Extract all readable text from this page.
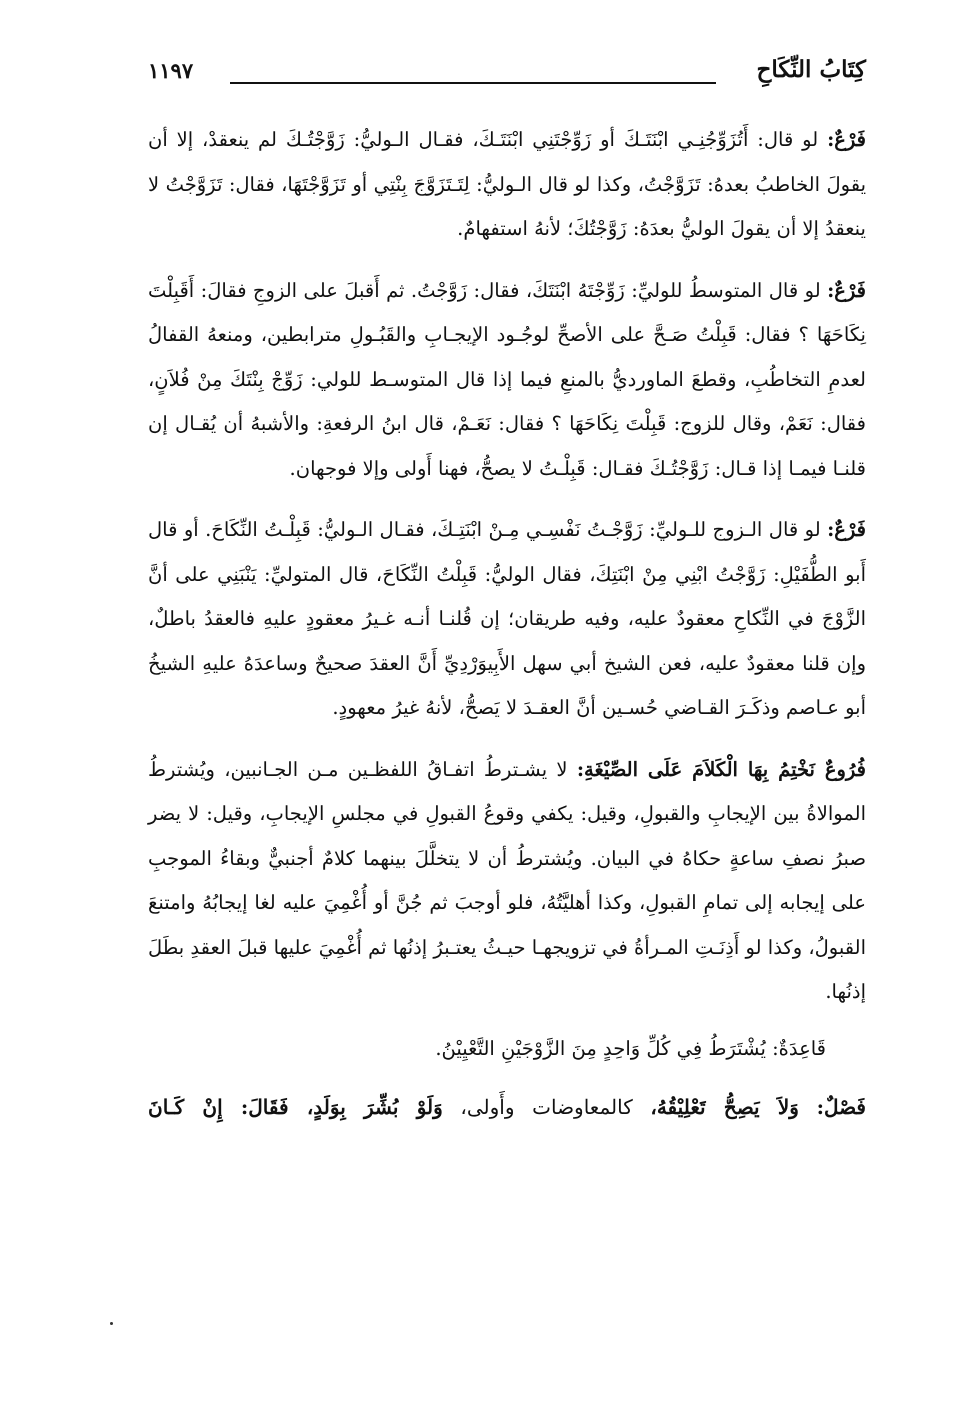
كِتَابُ النِّكَاحِ
١١٩٧

فَرْعٌ: لو قال: أَتُزَوِّجُنِـي ابْنَتَـكَ أو زَوِّجْتَنِي ابْنَتَـكَ، فقـال الـوليُّ: زَوَّجْتُـكَ لم ينعقدْ، إلا أن يقولَ الخاطبُ بعدهُ: تَزَوَّجْتُ، وكذا لو قال الـوليُّ: لِتَـتَزَوَّجَ بِنْتِي أو تَزَوَّجْتَهَا، فقال: تَزَوَّجْتُ لا ينعقدُ إلا أن يقولَ الوليُّ بعدَهُ: زَوَّجْتُكَ؛ لأنهُ استفهامٌ.

فَرْعٌ: لو قال المتوسطُ للوليِّ: زَوِّجْتَهُ ابْنَتَكَ، فقال: زَوَّجْتُ. ثم أَقبلَ على الزوجِ فقالَ: أَقَبِلْتَ نِكَاحَهَا ؟ فقال: قَبِلْتُ صَـحَّ على الأصحِّ لوجُـود الإيجـابِ والقَبُـولِ مترابطين، ومنعهُ القفالُ لعدمِ التخاطُبِ، وقطعَ الماورديُّ بالمنعِ فيما إذا قال المتوسـط للولي: زَوِّجْ بِنْتَكَ مِنْ فُلاَنٍ، فقال: نَعَمْ، وقال للزوج: قَبِلْتَ نِكَاحَهَا ؟ فقال: نَعَـمْ، قال ابنُ الرفعةِ: والأشبهُ أن يُقـال إن قلنـا فيمـا إذا قـال: زَوَّجْتُـكَ فقـال: قَبِلْـتُ لا يصحُّ، فهنا أَولى وإلا فوجهان.

فَرْعٌ: لو قال الـزوج للـوليِّ: زَوَّجْـتُ نَفْسِـي مِـنْ ابْنَتِـكَ، فقـال الـوليُّ: قَبِلْـتُ النِّكَاحَ. أو قال أَبو الطُّفَيْلِ: زَوَّجْتُ ابْنِي مِنْ ابْنَتِكَ، فقال الوليُّ: قَبِلْتُ النِّكَاحَ، قال المتوليِّ: يَنْبَنِي على أنَّ الزَّوْجَ في النِّكاحِ معقودٌ عليه، وفيه طريقان؛ إن قُلنـا أنـه غـيرُ معقودٍ عليهِ فالعقدُ باطلٌ، وإن قلنا معقودٌ عليه، فعن الشيخ أبي سهل الأَبِيوَرْدِيِّ أَنَّ العقدَ صحيحٌ وساعدَهُ عليهِ الشيخُ أبو عـاصم وذكَـرَ القـاضي حُسـين أنَّ العقـدَ لا يَصحُّ، لأنهُ غيرُ معهودٍ.

فُرُوعٌ نَخْتِمُ بِهَا الْكَلاَمَ عَلَى الصِّيْغَةِ: لا يشـترطُ اتفـاقُ اللفظـين مـن الجـانبين، ويُشترطُ الموالاةُ بين الإيجابِ والقبولِ، وقيل: يكفي وقوعُ القبولِ في مجلسِ الإيجابِ، وقيل: لا يضر صبرُ نصفِ ساعةٍ حكاهُ في البيان. ويُشترطُ أن لا يتخلَّلَ بينهما كلامٌ أجنبيٌّ وبقاءُ الموجبِ على إيجابه إلى تمامِ القبولِ، وكذا أهليَّتُهُ، فلو أوجبَ ثم جُنَّ أو أُغْمِيَ عليه لغا إيجابُهُ وامتنعَ القبولُ، وكذا لو أَذِنَـتِ المـرأةُ في تزويجهـا حيـثُ يعتـبرُ إذنُها ثم أُغْمِيَ عليها قبلَ العقدِ بطَلَ إذنُها.

قَاعِدَةٌ: يُشْتَرَطُ فِي كُلِّ وَاحِدٍ مِنَ الزَّوْجَيْنِ التَّعْيِيْنُ.

فَصْلٌ: وَلاَ يَصِحُّ تَعْلِيْقُهُ، كالمعاوضات وأَولى، وَلَوْ بُشِّرَ بِوَلَدٍ، فَقَالَ: إِنْ كَـانَ
